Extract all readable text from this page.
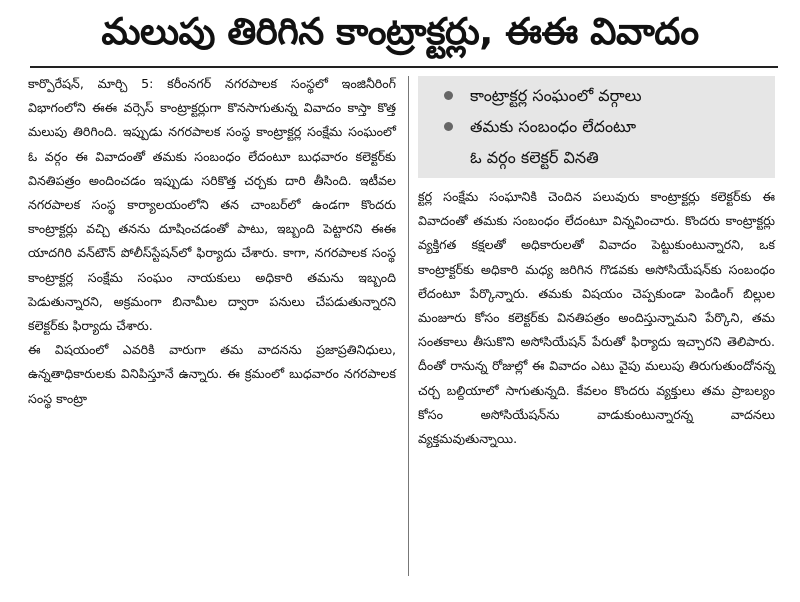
మలుపు తిరిగిన కాంట్రాక్టర్లు, ఈఈ వివాదం

కార్పొరేషన్‌, మార్చి 5: కరీంనగర్‌ నగరపాలక సంస్థలో ఇంజినీరింగ్‌ విభాగంలోని ఈఈ వర్సెస్‌ కాంట్రాక్టర్లుగా కొనసాగుతున్న వివాదం కాస్తా కొత్త మలుపు తిరిగింది. ఇప్పుడు నగరపాలక సంస్థ కాంట్రాక్టర్ల సంక్షేమ సంఘంలో ఓ వర్గం ఈ వివాదంతో తమకు సంబంధం లేదంటూ బుధవారం కలెక్టర్‌కు వినతిపత్రం అందించడం ఇప్పుడు సరికొత్త చర్చకు దారి తీసింది. ఇటీవల నగరపాలక సంస్థ కార్యాలయంలోని తన చాంబర్‌లో ఉండగా కొందరు కాంట్రాక్టర్లు వచ్చి తనను దూషించడంతో పాటు, ఇబ్బంది పెట్టారని ఈఈ యాదగిరి వన్‌టౌన్‌ పోలీస్‌స్టేషన్‌లో ఫిర్యాదు చేశారు. కాగా, నగరపాలక సంస్థ కాంట్రాక్టర్ల సంక్షేమ సంఘం నాయకులు అధికారి తమను ఇబ్బంది పెడుతున్నారని, అక్రమంగా బినామీల ద్వారా పనులు చేపడుతున్నారని కలెక్టర్‌కు ఫిర్యాదు చేశారు.

ఈ విషయంలో ఎవరికి వారుగా తమ వాదనను ప్రజాప్రతినిధులు, ఉన్నతాధికారులకు వినిపిస్తూనే ఉన్నారు. ఈ క్రమంలో బుధవారం నగరపాలక సంస్థ కాంట్రా

కాంట్రాక్టర్ల సంఘంలో వర్గాలు
తమకు సంబంధం లేదంటూ
ఓ వర్గం కలెక్టర్‌ వినతి

క్టర్ల సంక్షేమ సంఘానికి చెందిన పలువురు కాంట్రాక్టర్లు కలెక్టర్‌కు ఈ వివాదంతో తమకు సంబంధం లేదంటూ విన్నవించారు. కొందరు కాంట్రాక్టర్లు వ్యక్తిగత కక్షలతో అధికారులతో వివాదం పెట్టుకుంటున్నారని, ఒక కాంట్రాక్టర్‌కు అధికారి మధ్య జరిగిన గొడవకు అసోసియేషన్‌కు సంబంధం లేదంటూ పేర్కొన్నారు. తమకు విషయం చెప్పకుండా పెండింగ్‌ బిల్లుల మంజూరు కోసం కలెక్టర్‌కు వినతిపత్రం అందిస్తున్నామని పేర్కొని, తమ సంతకాలు తీసుకొని అసోసియేషన్‌ పేరుతో ఫిర్యాదు ఇచ్చారని తెలిపారు. దీంతో రానున్న రోజుల్లో ఈ వివాదం ఎటు వైపు మలుపు తిరుగుతుందోనన్న చర్చ బల్దియాలో సాగుతున్నది. కేవలం కొందరు వ్యక్తులు తమ ప్రాబల్యం కోసం అసోసియేషన్‌ను వాడుకుంటున్నారన్న వాదనలు వ్యక్తమవుతున్నాయి.
